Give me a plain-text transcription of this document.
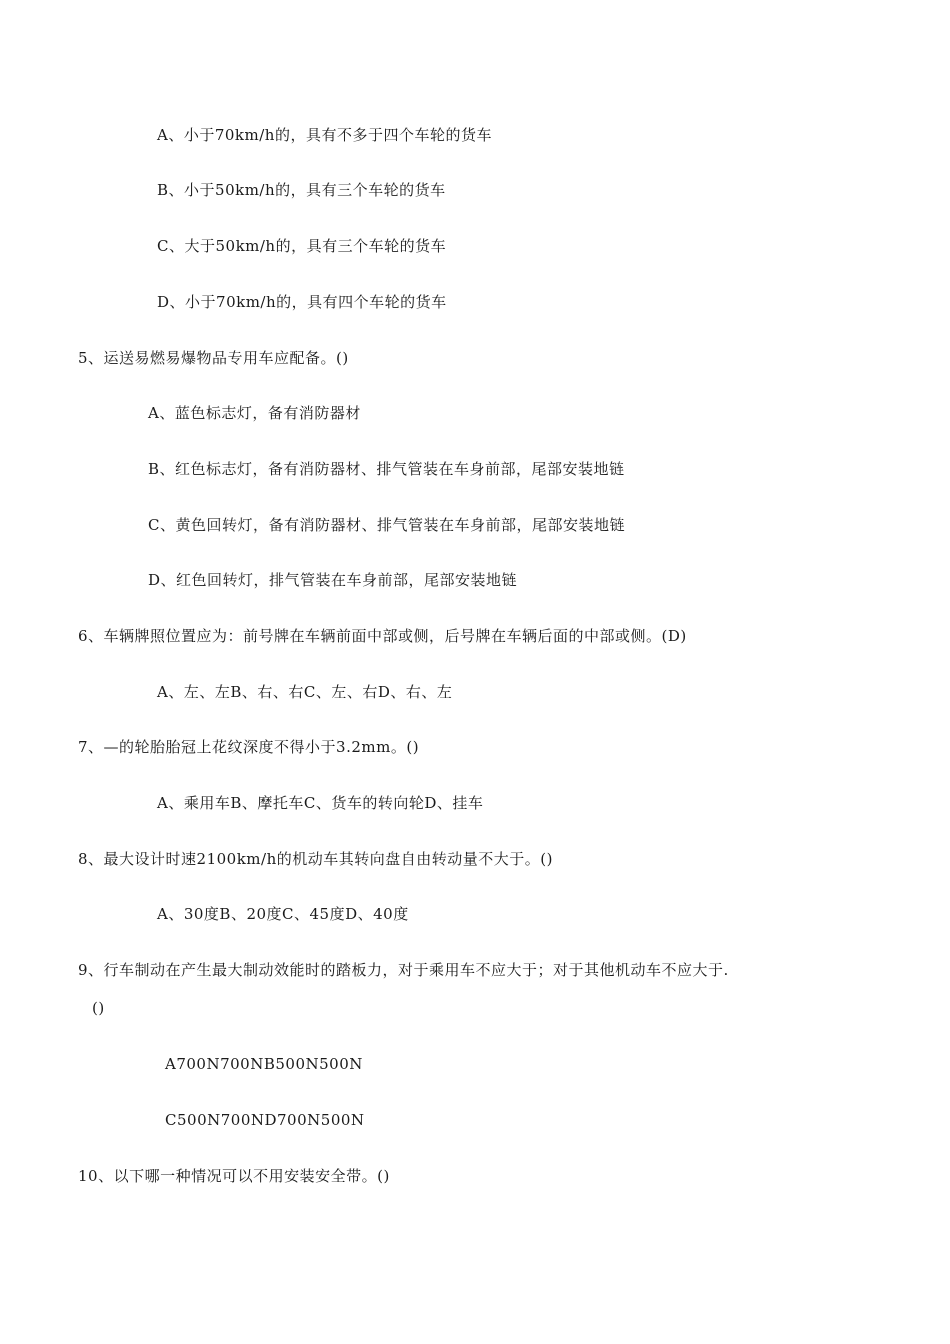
A、小于70km/h的，具有不多于四个车轮的货车
B、小于50km/h的，具有三个车轮的货车
C、大于50km/h的，具有三个车轮的货车
D、小于70km/h的，具有四个车轮的货车
5、运送易燃易爆物品专用车应配备。()
A、蓝色标志灯，备有消防器材
B、红色标志灯，备有消防器材、排气管装在车身前部，尾部安装地链
C、黄色回转灯，备有消防器材、排气管装在车身前部，尾部安装地链
D、红色回转灯，排气管装在车身前部，尾部安装地链
6、车辆牌照位置应为：前号牌在车辆前面中部或侧，后号牌在车辆后面的中部或侧。(D)
A、左、左B、右、右C、左、右D、右、左
7、—的轮胎胎冠上花纹深度不得小于3.2mm。()
A、乘用车B、摩托车C、货车的转向轮D、挂车
8、最大设计时速2100km/h的机动车其转向盘自由转动量不大于。()
A、30度B、20度C、45度D、40度
9、行车制动在产生最大制动效能时的踏板力，对于乘用车不应大于；对于其他机动车不应大于.
()
A700N700NB500N500N
C500N700ND700N500N
10、以下哪一种情况可以不用安装安全带。()
